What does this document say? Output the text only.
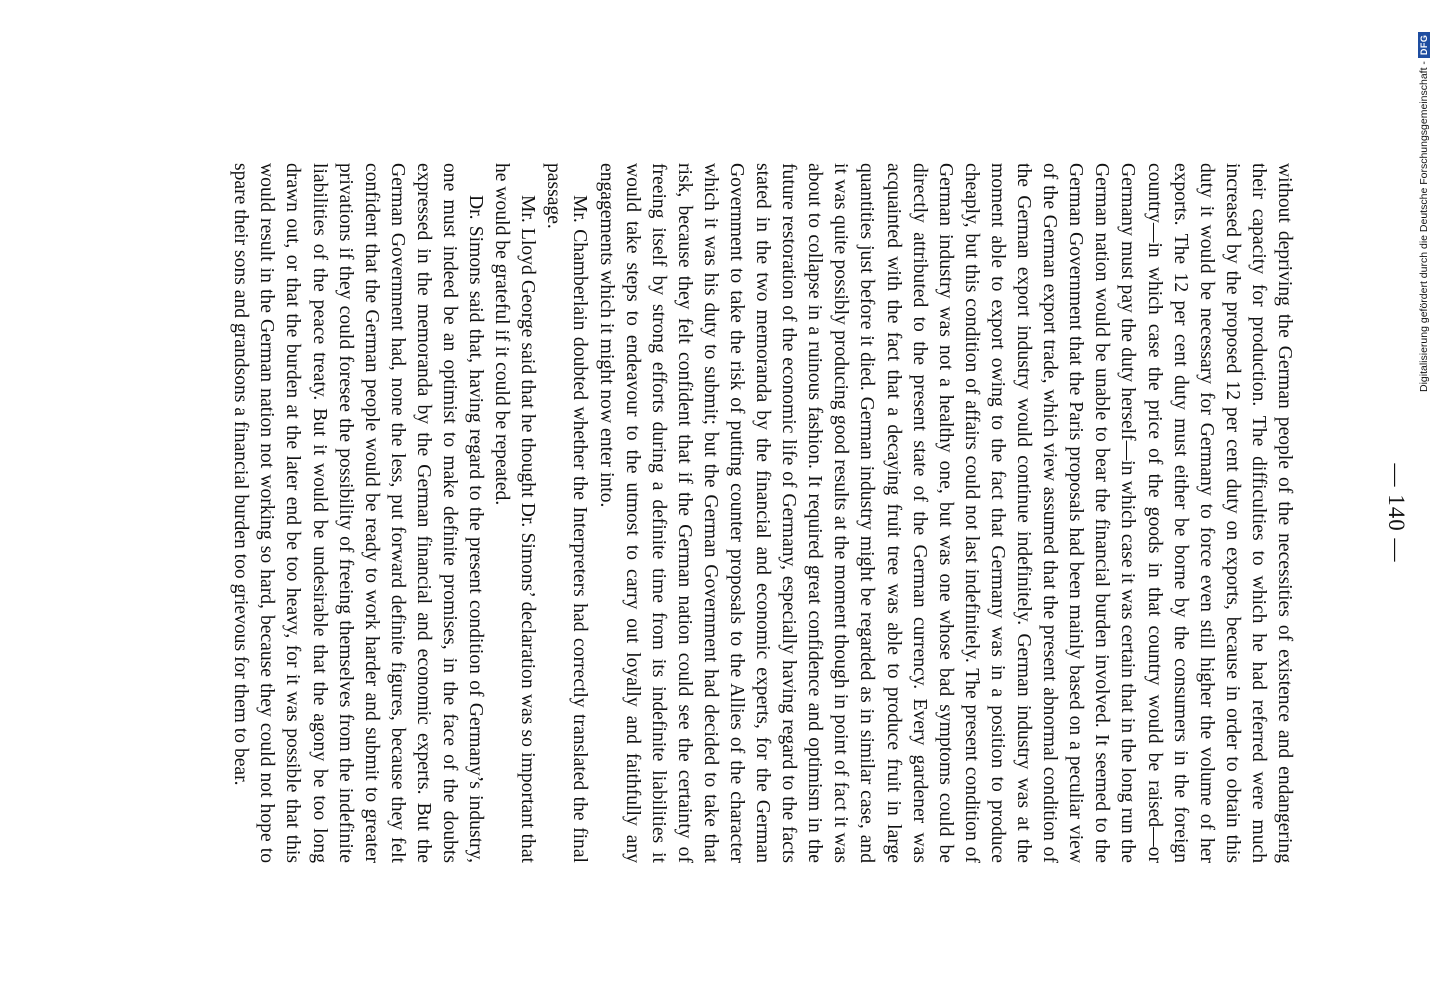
— 140 —

without depriving the German people of the necessities of existence and endangering their capacity for production. The difficulties to which he had referred were much increased by the proposed 12 per cent duty on exports, because in order to obtain this duty it would be necessary for Germany to force even still higher the volume of her exports. The 12 per cent duty must either be borne by the consumers in the foreign country—in which case the price of the goods in that country would be raised—or Germany must pay the duty herself—in which case it was certain that in the long run the German nation would be unable to bear the financial burden involved. It seemed to the German Government that the Paris proposals had been mainly based on a peculiar view of the German export trade, which view assumed that the present abnormal condition of the German export industry would continue indefinitely. German industry was at the moment able to export owing to the fact that Germany was in a position to produce cheaply, but this condition of affairs could not last indefinitely. The present condition of German industry was not a healthy one, but was one whose bad symptoms could be directly attributed to the present state of the German currency. Every gardener was acquainted with the fact that a decaying fruit tree was able to produce fruit in large quantities just before it died. German industry might be regarded as in similar case, and it was quite possibly producing good results at the moment though in point of fact it was about to collapse in a ruinous fashion. It required great confidence and optimism in the future restoration of the economic life of Germany, especially having regard to the facts stated in the two memoranda by the financial and economic experts, for the German Government to take the risk of putting counter proposals to the Allies of the character which it was his duty to submit; but the German Government had decided to take that risk, because they felt confident that if the German nation could see the certainty of freeing itself by strong efforts during a definite time from its indefinite liabilities it would take steps to endeavour to the utmost to carry out loyally and faithfully any engagements which it might now enter into.

Mr. Chamberlain doubted whether the Interpreters had correctly translated the final passage.

Mr. Lloyd George said that he thought Dr. Simons’ declaration was so important that he would be grateful if it could be repeated.

Dr. Simons said that, having regard to the present condition of Germany’s industry, one must indeed be an optimist to make definite promises, in the face of the doubts expressed in the memoranda by the German financial and economic experts. But the German Government had, none the less, put forward definite figures, because they felt confident that the German people would be ready to work harder and submit to greater privations if they could foresee the possibility of freeing themselves from the indefinite liabilities of the peace treaty. But it would be undesirable that the agony be too long drawn out, or that the burden at the later end be too heavy, for it was possible that this would result in the German nation not working so hard, because they could not hope to spare their sons and grandsons a financial burden too grievous for them to bear.	Digitalisierung gefördert durch die Deutsche Forschungsgemeinschaft -
DFG
